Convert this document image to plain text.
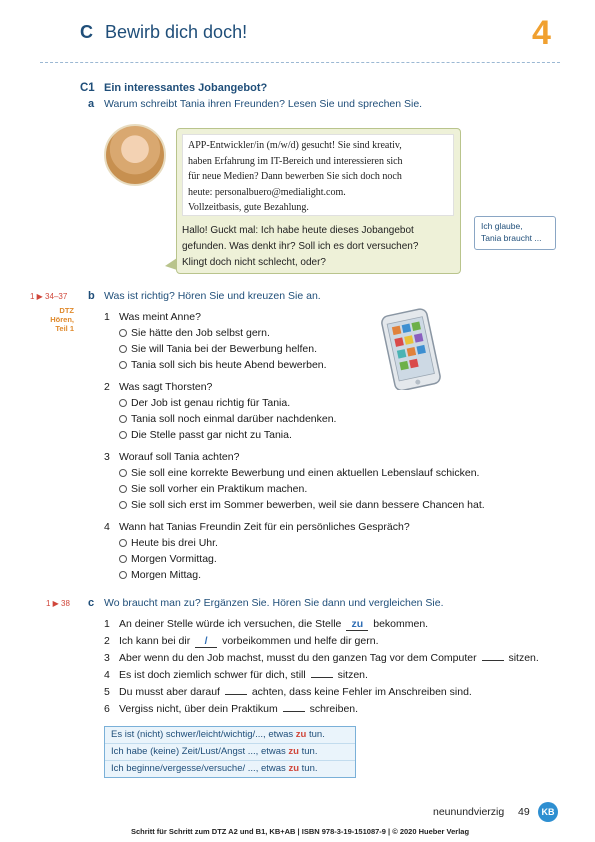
C Bewirb dich doch!	4
C1 Ein interessantes Jobangebot?
a Warum schreibt Tania ihren Freunden? Lesen Sie und sprechen Sie.
APP-Entwickler/in (m/w/d) gesucht! Sie sind kreativ,
haben Erfahrung im IT-Bereich und interessieren sich
für neue Medien? Dann bewerben Sie sich doch noch
heute: personalbuero@medialight.com.
Vollzeitbasis, gute Bezahlung.
Hallo! Guckt mal: Ich habe heute dieses Jobangebot
gefunden. Was denkt ihr? Soll ich es dort versuchen?
Klingt doch nicht schlecht, oder?
Ich glaube,
Tania braucht ...
1 ▶ 34–37
DTZ
Hören,
Teil 1
b Was ist richtig? Hören Sie und kreuzen Sie an.
1 Was meint Anne?
Sie hätte den Job selbst gern.
Sie will Tania bei der Bewerbung helfen.
Tania soll sich bis heute Abend bewerben.
2 Was sagt Thorsten?
Der Job ist genau richtig für Tania.
Tania soll noch einmal darüber nachdenken.
Die Stelle passt gar nicht zu Tania.
3 Worauf soll Tania achten?
Sie soll eine korrekte Bewerbung und einen aktuellen Lebenslauf schicken.
Sie soll vorher ein Praktikum machen.
Sie soll sich erst im Sommer bewerben, weil sie dann bessere Chancen hat.
4 Wann hat Tanias Freundin Zeit für ein persönliches Gespräch?
Heute bis drei Uhr.
Morgen Vormittag.
Morgen Mittag.
1 ▶ 38 c Wo braucht man zu? Ergänzen Sie. Hören Sie dann und vergleichen Sie.
1 An deiner Stelle würde ich versuchen, die Stelle zu bekommen.
2 Ich kann bei dir / vorbeikommen und helfe dir gern.
3 Aber wenn du den Job machst, musst du den ganzen Tag vor dem Computer	sitzen.
4 Es ist doch ziemlich schwer für dich, still	sitzen.
5 Du musst aber darauf	achten, dass keine Fehler im Anschreiben sind.
6 Vergiss nicht, über dein Praktikum	schreiben.
Es ist (nicht) schwer/leicht/wichtig/..., etwas zu tun.
Ich habe (keine) Zeit/Lust/Angst ..., etwas zu tun.
Ich beginne/vergesse/versuche/ ..., etwas zu tun.
neunundvierzig 49	KB
Schritt für Schritt zum DTZ A2 und B1, KB+AB | ISBN 978-3-19-151087-9 | © 2020 Hueber Verlag
